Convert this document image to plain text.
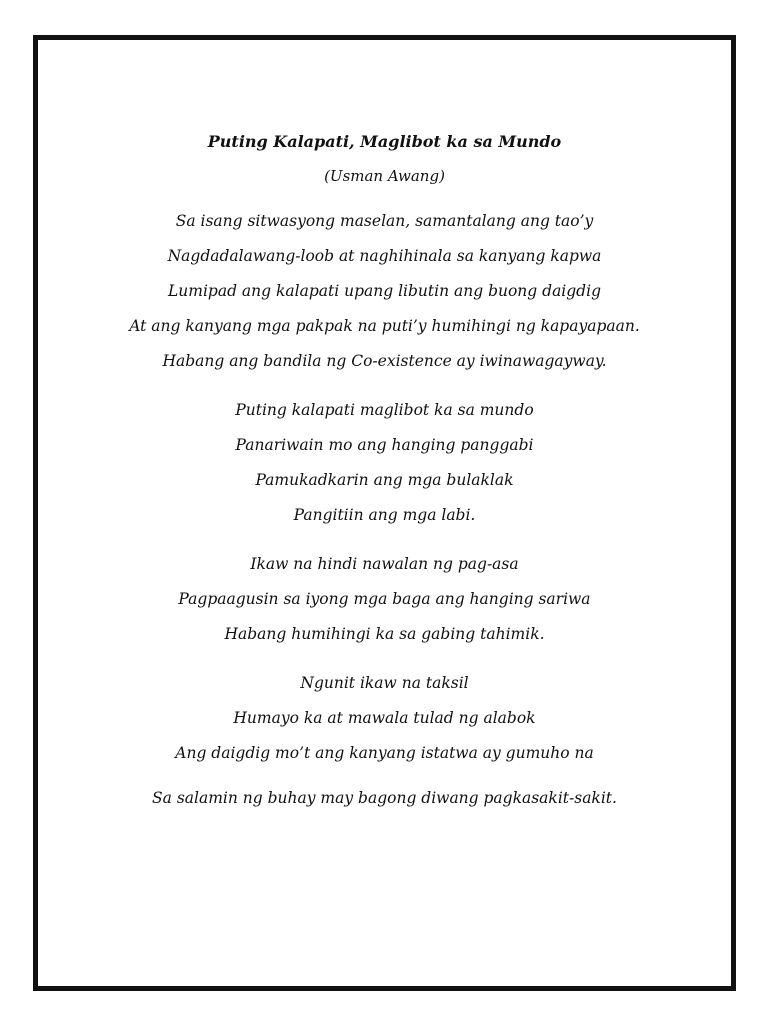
Puting Kalapati, Maglibot ka sa Mundo
(Usman Awang)
Sa isang sitwasyong maselan, samantalang ang tao’y
Nagdadalawang-loob at naghihinala sa kanyang kapwa
Lumipad ang kalapati upang libutin ang buong daigdig
At ang kanyang mga pakpak na puti’y humihingi ng kapayapaan.
Habang ang bandila ng Co-existence ay iwinawagayway.
Puting kalapati maglibot ka sa mundo
Panariwain mo ang hanging panggabi
Pamukadkarin ang mga bulaklak
Pangitiin ang mga labi.
Ikaw na hindi nawalan ng pag-asa
Pagpaagusin sa iyong mga baga ang hanging sariwa
Habang humihingi ka sa gabing tahimik.
Ngunit ikaw na taksil
Humayo ka at mawala tulad ng alabok
Ang daigdig mo’t ang kanyang istatwa ay gumuho na
Sa salamin ng buhay may bagong diwang pagkasakit-sakit.
